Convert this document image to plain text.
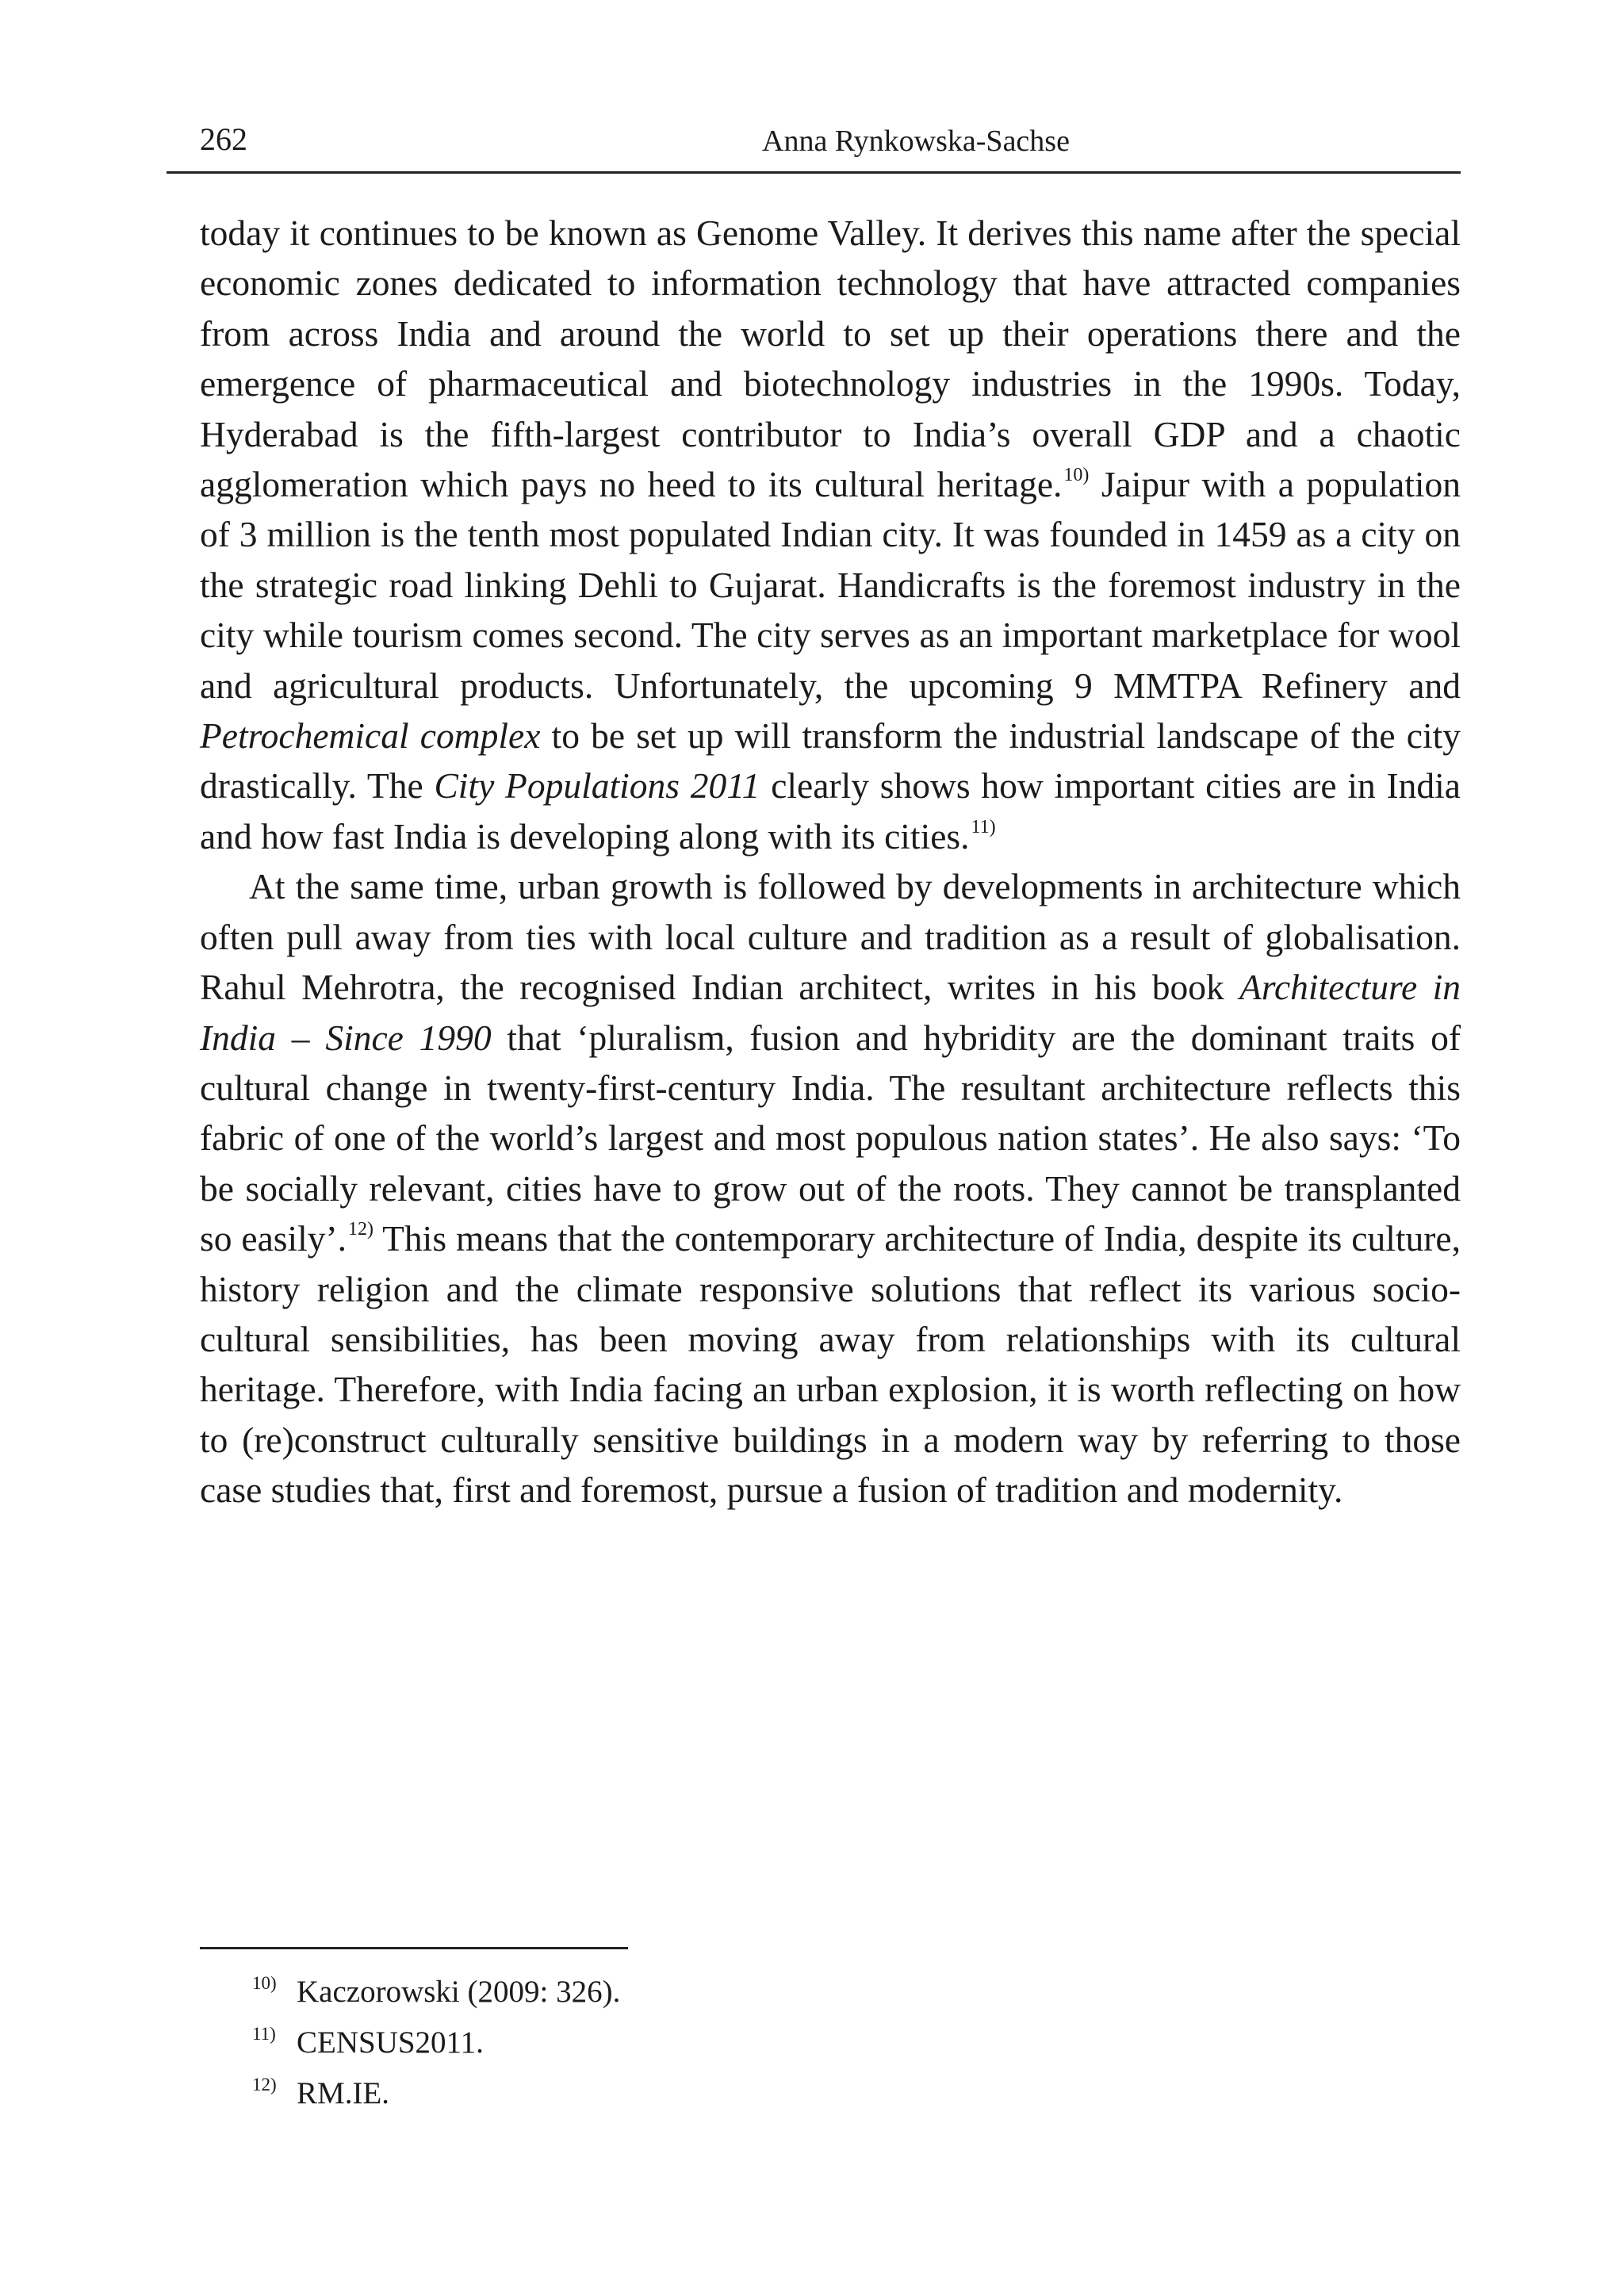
262	Anna Rynkowska-Sachse

today it continues to be known as Genome Valley. It derives this name after the special economic zones dedicated to information technology that have attracted companies from across India and around the world to set up their operations there and the emergence of pharmaceutical and biotechnology industries in the 1990s. Today, Hyderabad is the fifth-largest contributor to India’s overall GDP and a chaotic agglomeration which pays no heed to its cultural heritage.$^{10)}$ Jaipur with a population of 3 million is the tenth most populated Indian city. It was founded in 1459 as a city on the strategic road linking Dehli to Gujarat. Handicrafts is the foremost industry in the city while tourism comes second. The city serves as an important marketplace for wool and agricultural products. Unfortunately, the upcoming 9 MMTPA Refinery and Petrochemical complex to be set up will transform the industrial landscape of the city drastically. The City Populations 2011 clearly shows how important cities are in India and how fast India is developing along with its cities.$^{11)}$

At the same time, urban growth is followed by developments in architecture which often pull away from ties with local culture and tradition as a result of globalisation. Rahul Mehrotra, the recognised Indian architect, writes in his book Architecture in India – Since 1990 that ‘pluralism, fusion and hybridity are the dominant traits of cultural change in twenty-first-century India. The resultant architecture reflects this fabric of one of the world’s largest and most populous nation states’. He also says: ‘To be socially relevant, cities have to grow out of the roots. They cannot be transplanted so easily’.$^{12)}$ This means that the contemporary architecture of India, despite its culture, history religion and the climate responsive solutions that reflect its various socio-cultural sensibilities, has been moving away from relationships with its cultural heritage. Therefore, with India facing an urban explosion, it is worth reflecting on how to (re)construct culturally sensitive buildings in a modern way by referring to those case studies that, first and foremost, pursue a fusion of tradition and modernity.

10) Kaczorowski (2009: 326).
11) CENSUS2011.
12) RM.IE.
